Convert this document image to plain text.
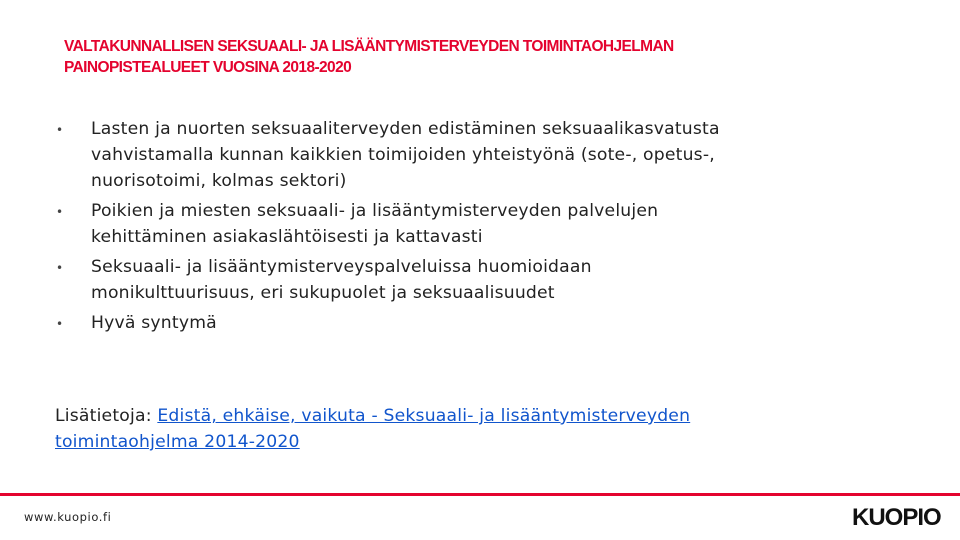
VALTAKUNNALLISEN SEKSUAALI- JA LISÄÄNTYMISTERVEYDEN TOIMINTAOHJELMAN
PAINOPISTEALUEET VUOSINA 2018-2020
• Lasten ja nuorten seksuaaliterveyden edistäminen seksuaalikasvatusta
vahvistamalla kunnan kaikkien toimijoiden yhteistyönä (sote-, opetus-,
nuorisotoimi, kolmas sektori)
• Poikien ja miesten seksuaali- ja lisääntymisterveyden palvelujen
kehittäminen asiakaslähtöisesti ja kattavasti
• Seksuaali- ja lisääntymisterveyspalveluissa huomioidaan
monikulttuurisuus, eri sukupuolet ja seksuaalisuudet
• Hyvä syntymä
Lisätietoja: Edistä, ehkäise, vaikuta - Seksuaali- ja lisääntymisterveyden
toimintaohjelma 2014-2020
www.kuopio.fi	KUOPIO
